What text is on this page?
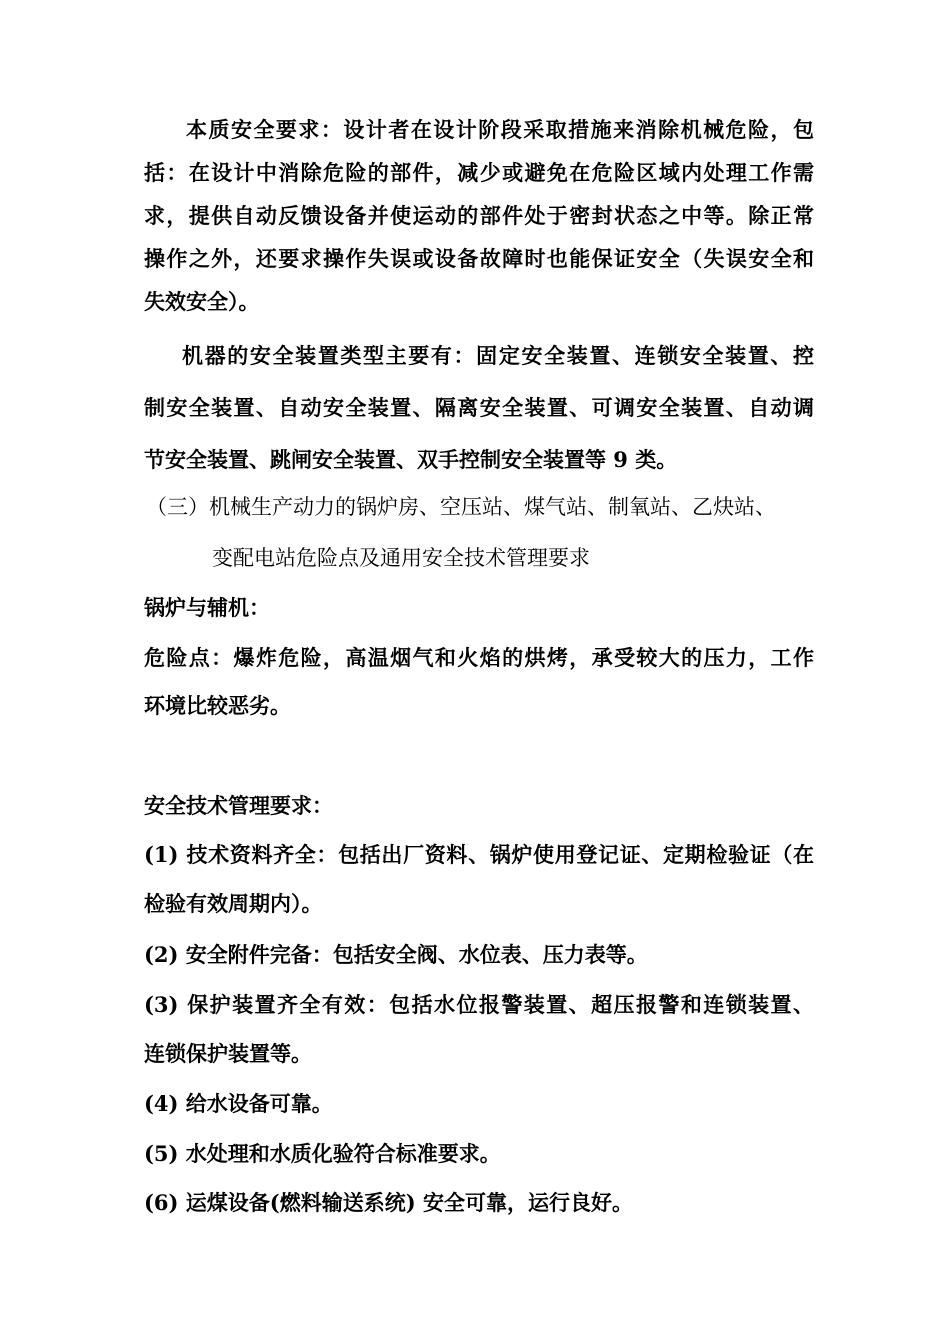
本质安全要求：设计者在设计阶段采取措施来消除机械危险，包
括：在设计中消除危险的部件，减少或避免在危险区域内处理工作需
求，提供自动反馈设备并使运动的部件处于密封状态之中等。除正常
操作之外，还要求操作失误或设备故障时也能保证安全（失误安全和
失效安全）。
机器的安全装置类型主要有：固定安全装置、连锁安全装置、控
制安全装置、自动安全装置、隔离安全装置、可调安全装置、自动调
节安全装置、跳闸安全装置、双手控制安全装置等 9 类。
（三）机械生产动力的锅炉房、空压站、煤气站、制氧站、乙炔站、
变配电站危险点及通用安全技术管理要求
锅炉与辅机：
危险点：爆炸危险，高温烟气和火焰的烘烤，承受较大的压力，工作
环境比较恶劣。
安全技术管理要求：
(1) 技术资料齐全：包括出厂资料、锅炉使用登记证、定期检验证（在
检验有效周期内）。
(2) 安全附件完备：包括安全阀、水位表、压力表等。
(3) 保护装置齐全有效：包括水位报警装置、超压报警和连锁装置、
连锁保护装置等。
(4) 给水设备可靠。
(5) 水处理和水质化验符合标准要求。
(6) 运煤设备(燃料输送系统) 安全可靠，运行良好。
